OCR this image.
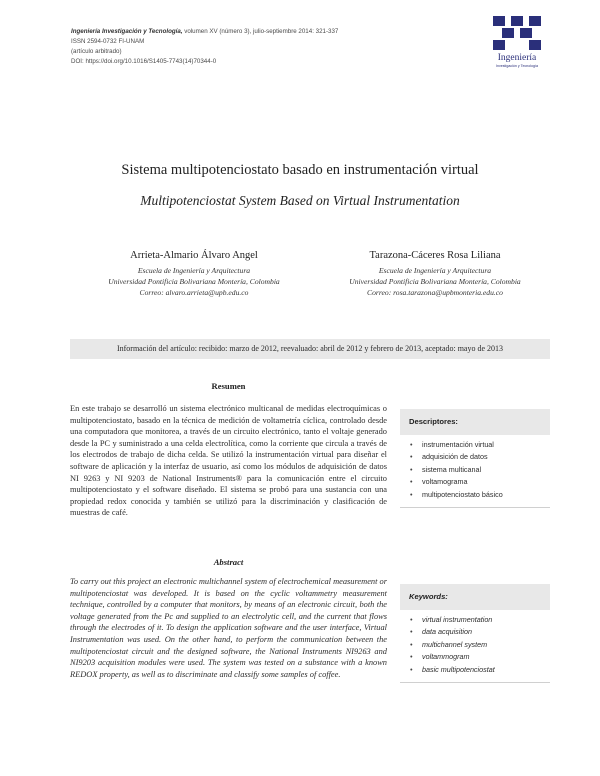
Ingeniería Investigación y Tecnología, volumen XV (número 3), julio-septiembre 2014: 321-337
ISSN 2594-0732 FI-UNAM
(artículo arbitrado)
DOI: https://doi.org/10.1016/S1405-7743(14)70344-0	Ingeniería
Investigación y Tecnología
Sistema multipotenciostato basado en instrumentación virtual
Multipotenciostat System Based on Virtual Instrumentation
Arrieta-Almario Álvaro Angel
Escuela de Ingeniería y Arquitectura
Universidad Pontificia Bolivariana Montería, Colombia
Correo: alvaro.arrieta@upb.edu.co
Tarazona-Cáceres Rosa Liliana
Escuela de Ingeniería y Arquitectura
Universidad Pontificia Bolivariana Montería, Colombia
Correo: rosa.tarazona@upbmonteria.edu.co
Información del artículo: recibido: marzo de 2012, reevaluado: abril de 2012 y febrero de 2013, aceptado: mayo de 2013
Resumen
En este trabajo se desarrolló un sistema electrónico multicanal de medidas electroquímicas o multipotenciostato, basado en la técnica de medición de voltametría cíclica, controlado desde una computadora que monitorea, a través de un circuito electrónico, tanto el voltaje generado desde la PC y suministrado a una celda electrolítica, como la corriente que circula a través de los electrodos de trabajo de dicha celda. Se utilizó la instrumentación virtual para diseñar el software de aplicación y la interfaz de usuario, así como los módulos de adquisición de datos NI 9263 y NI 9203 de National Instruments® para la comunicación entre el circuito multipotenciostato y el software diseñado. El sistema se probó para una sustancia con una propiedad redox conocida y también se utilizó para la discriminación y clasificación de muestras de café.
Descriptores:
• instrumentación virtual
• adquisición de datos
• sistema multicanal
• voltamograma
• multipotenciostato básico
Abstract
To carry out this project an electronic multichannel system of electrochemical measurement or multipotenciostat was developed. It is based on the cyclic voltammetry measurement technique, controlled by a computer that monitors, by means of an electronic circuit, both the voltage generated from the Pc and supplied to an electrolytic cell, and the current that flows through the electrodes of it. To design the application software and the user interface, Virtual Instrumentation was used. On the other hand, to perform the communication between the multipotenciostat circuit and the designed software, the National Instruments NI9263 and NI9203 acquisition modules were used. The system was tested on a substance with a known REDOX property, as well as to discriminate and classify some samples of coffee.
Keywords:
• virtual instrumentation
• data acquisition
• multichannel system
• voltammogram
• basic multipotenciostat
